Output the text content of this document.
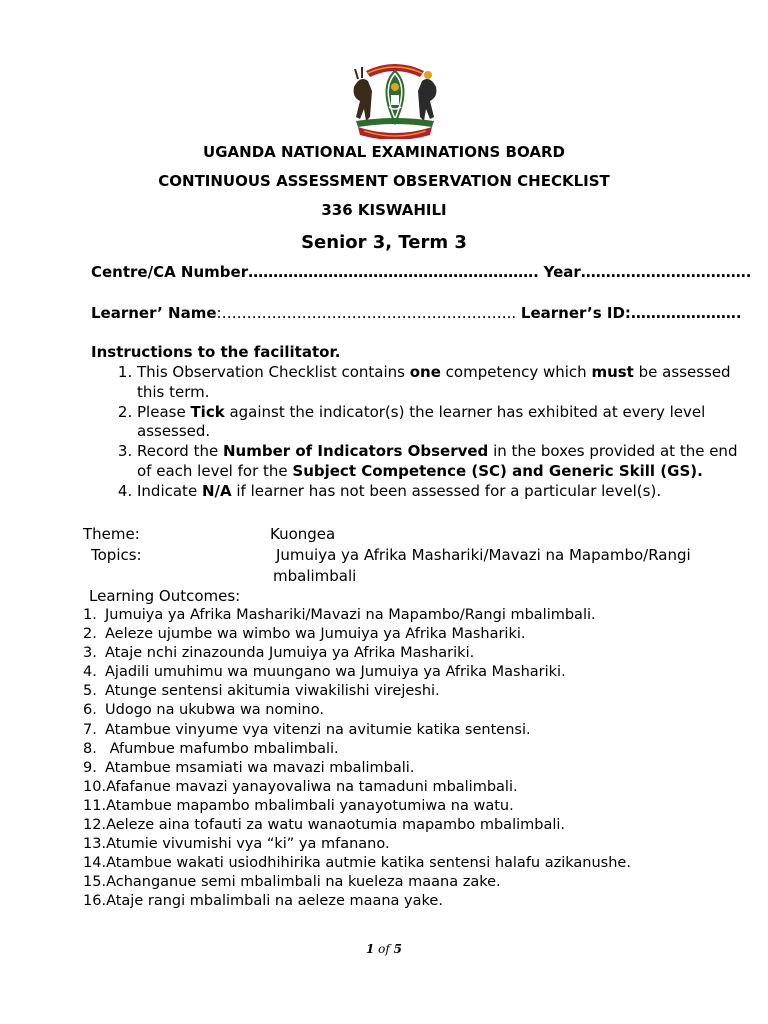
UGANDA NATIONAL EXAMINATIONS BOARD
CONTINUOUS ASSESSMENT OBSERVATION CHECKLIST
336 KISWAHILI
Senior 3, Term 3
Centre/CA Number…………………………………………………. Year…………………………….
Learner’ Name:………………………………………………….. Learner’s ID:………………….
Instructions to the facilitator.
1. This Observation Checklist contains one competency which must be assessed this term.
2. Please Tick against the indicator(s) the learner has exhibited at every level assessed.
3. Record the Number of Indicators Observed in the boxes provided at the end of each level for the Subject Competence (SC) and Generic Skill (GS).
4. Indicate N/A if learner has not been assessed for a particular level(s).
Theme:	Kuongea
Topics:	Jumuiya ya Afrika Mashariki/Mavazi na Mapambo/Rangi
mbalimbali
Learning Outcomes:
1. Jumuiya ya Afrika Mashariki/Mavazi na Mapambo/Rangi mbalimbali.
2. Aeleze ujumbe wa wimbo wa Jumuiya ya Afrika Mashariki.
3. Ataje nchi zinazounda Jumuiya ya Afrika Mashariki.
4. Ajadili umuhimu wa muungano wa Jumuiya ya Afrika Mashariki.
5. Atunge sentensi akitumia viwakilishi virejeshi.
6. Udogo na ukubwa wa nomino.
7. Atambue vinyume vya vitenzi na avitumie katika sentensi.
8. Afumbue mafumbo mbalimbali.
9. Atambue msamiati wa mavazi mbalimbali.
10.Afafanue mavazi yanayovaliwa na tamaduni mbalimbali.
11.Atambue mapambo mbalimbali yanayotumiwa na watu.
12.Aeleze aina tofauti za watu wanaotumia mapambo mbalimbali.
13.Atumie vivumishi vya “ki” ya mfanano.
14.Atambue wakati usiodhihirika autmie katika sentensi halafu azikanushe.
15.Achanganue semi mbalimbali na kueleza maana zake.
16.Ataje rangi mbalimbali na aeleze maana yake.
1 of 5
